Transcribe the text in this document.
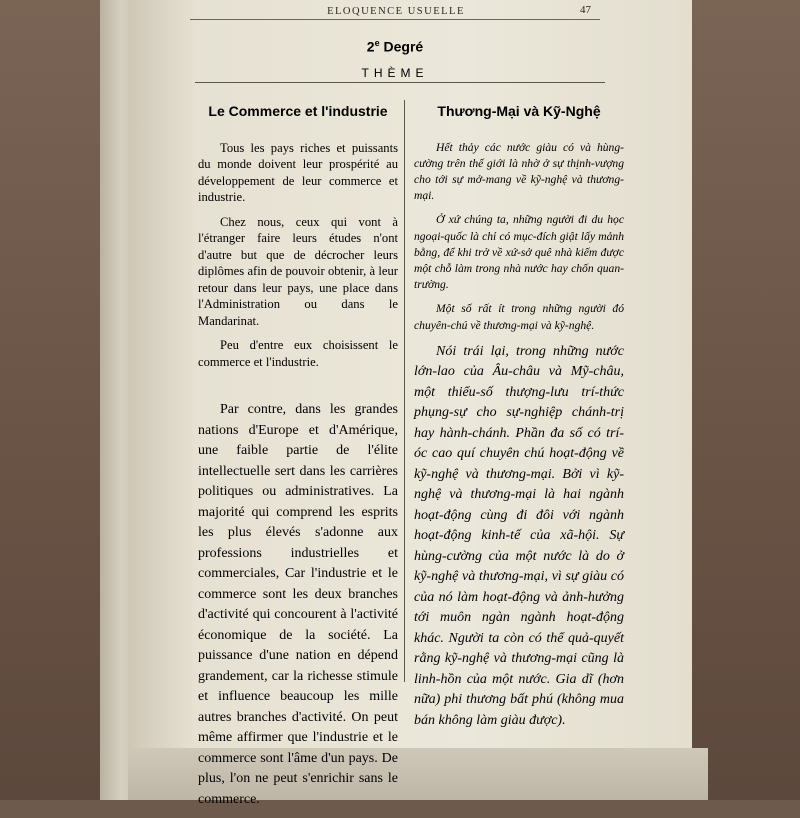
ELOQUENCE USUELLE	47
2e Degré
THÈME
Le Commerce et l'industrie

Tous les pays riches et puissants du monde doivent leur prospérité au développement de leur commerce et industrie.

Chez nous, ceux qui vont à l'étranger faire leurs études n'ont d'autre but que de décrocher leurs diplômes afin de pouvoir obtenir, à leur retour dans leur pays, une place dans l'Administration ou dans le Mandarinat.

Peu d'entre eux choisissent le commerce et l'industrie.

Par contre, dans les grandes nations d'Europe et d'Amérique, une faible partie de l'élite intellectuelle sert dans les carrières politiques ou administratives. La majorité qui comprend les esprits les plus élevés s'adonne aux professions industrielles et commerciales, Car l'industrie et le commerce sont les deux branches d'activité qui concourent à l'activité économique de la société. La puissance d'une nation en dépend grandement, car la richesse stimule et influence beaucoup les mille autres branches d'activité. On peut même affirmer que l'industrie et le commerce sont l'âme d'un pays. De plus, l'on ne peut s'enrichir sans le commerce.

Thương-Mại và Kỹ-Nghệ

Hết thảy các nước giàu có và hùng-cường trên thế giới là nhờ ở sự thịnh-vượng cho tới sự mở-mang về kỹ-nghệ và thương-mại.

Ở xứ chúng ta, những người đi du học ngoại-quốc là chỉ có mục-đích giật lấy mảnh bằng, để khi trở về xứ-sở quê nhà kiếm được một chỗ làm trong nhà nước hay chốn quan-trường.

Một số rất ít trong những người đó chuyên-chú về thương-mại và kỹ-nghệ.

Nói trái lại, trong những nước lớn-lao của Âu-châu và Mỹ-châu, một thiểu-số thượng-lưu trí-thức phụng-sự cho sự-nghiệp chánh-trị hay hành-chánh. Phần đa số có trí-óc cao quí chuyên chú hoạt-động về kỹ-nghệ và thương-mại. Bởi vì kỹ-nghệ và thương-mại là hai ngành hoạt-động cùng đi đôi với ngành hoạt-động kinh-tế của xã-hội. Sự hùng-cường của một nước là do ở kỹ-nghệ và thương-mại, vì sự giàu có của nó làm hoạt-động và ảnh-hưởng tới muôn ngàn ngành hoạt-động khác. Người ta còn có thể quả-quyết rằng kỹ-nghệ và thương-mại cũng là linh-hồn của một nước. Gia dĩ (hơn nữa) phi thương bất phú (không mua bán không làm giàu được).
